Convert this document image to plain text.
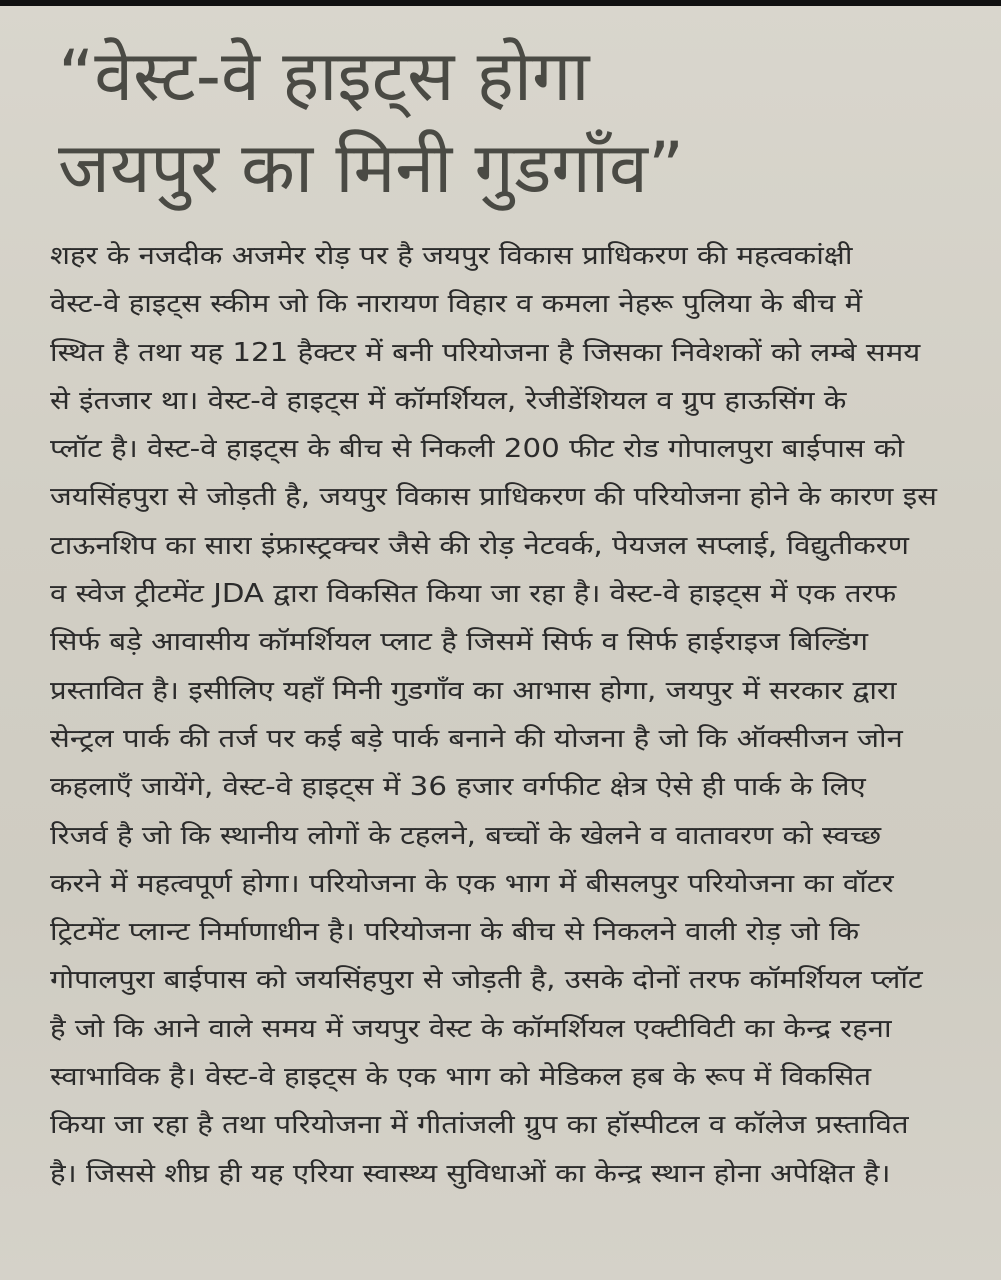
“वेस्ट-वे हाइट्स होगा
जयपुर का मिनी गुडगाँव”
शहर के नजदीक अजमेर रोड़ पर है जयपुर विकास प्राधिकरण की महत्वकांक्षी
वेस्ट-वे हाइट्स स्कीम जो कि नारायण विहार व कमला नेहरू पुलिया के बीच में
स्थित है तथा यह 121 हैक्टर में बनी परियोजना है जिसका निवेशकों को लम्बे समय
से इंतजार था। वेस्ट-वे हाइट्स में कॉमर्शियल, रेजीडेंशियल व ग्रुप हाऊसिंग के
प्लॉट है। वेस्ट-वे हाइट्स के बीच से निकली 200 फीट रोड गोपालपुरा बाईपास को
जयसिंहपुरा से जोड़ती है, जयपुर विकास प्राधिकरण की परियोजना होने के कारण इस
टाऊनशिप का सारा इंफ्रास्ट्रक्चर जैसे की रोड़ नेटवर्क, पेयजल सप्लाई, विद्युतीकरण
व स्वेज ट्रीटमेंट JDA द्वारा विकसित किया जा रहा है। वेस्ट-वे हाइट्स में एक तरफ
सिर्फ बड़े आवासीय कॉमर्शियल प्लाट है जिसमें सिर्फ व सिर्फ हाईराइज बिल्डिंग
प्रस्तावित है। इसीलिए यहाँ मिनी गुडगाँव का आभास होगा, जयपुर में सरकार द्वारा
सेन्ट्रल पार्क की तर्ज पर कई बड़े पार्क बनाने की योजना है जो कि ऑक्सीजन जोन
कहलाएँ जायेंगे, वेस्ट-वे हाइट्स में 36 हजार वर्गफीट क्षेत्र ऐसे ही पार्क के लिए
रिजर्व है जो कि स्थानीय लोगों के टहलने, बच्चों के खेलने व वातावरण को स्वच्छ
करने में महत्वपूर्ण होगा। परियोजना के एक भाग में बीसलपुर परियोजना का वॉटर
ट्रिटमेंट प्लान्ट निर्माणाधीन है। परियोजना के बीच से निकलने वाली रोड़ जो कि
गोपालपुरा बाईपास को जयसिंहपुरा से जोड़ती है, उसके दोनों तरफ कॉमर्शियल प्लॉट
है जो कि आने वाले समय में जयपुर वेस्ट के कॉमर्शियल एक्टीविटी का केन्द्र रहना
स्वाभाविक है। वेस्ट-वे हाइट्स के एक भाग को मेडिकल हब के रूप में विकसित
किया जा रहा है तथा परियोजना में गीतांजली ग्रुप का हॉस्पीटल व कॉलेज प्रस्तावित
है। जिससे शीघ्र ही यह एरिया स्वास्थ्य सुविधाओं का केन्द्र स्थान होना अपेक्षित है।
